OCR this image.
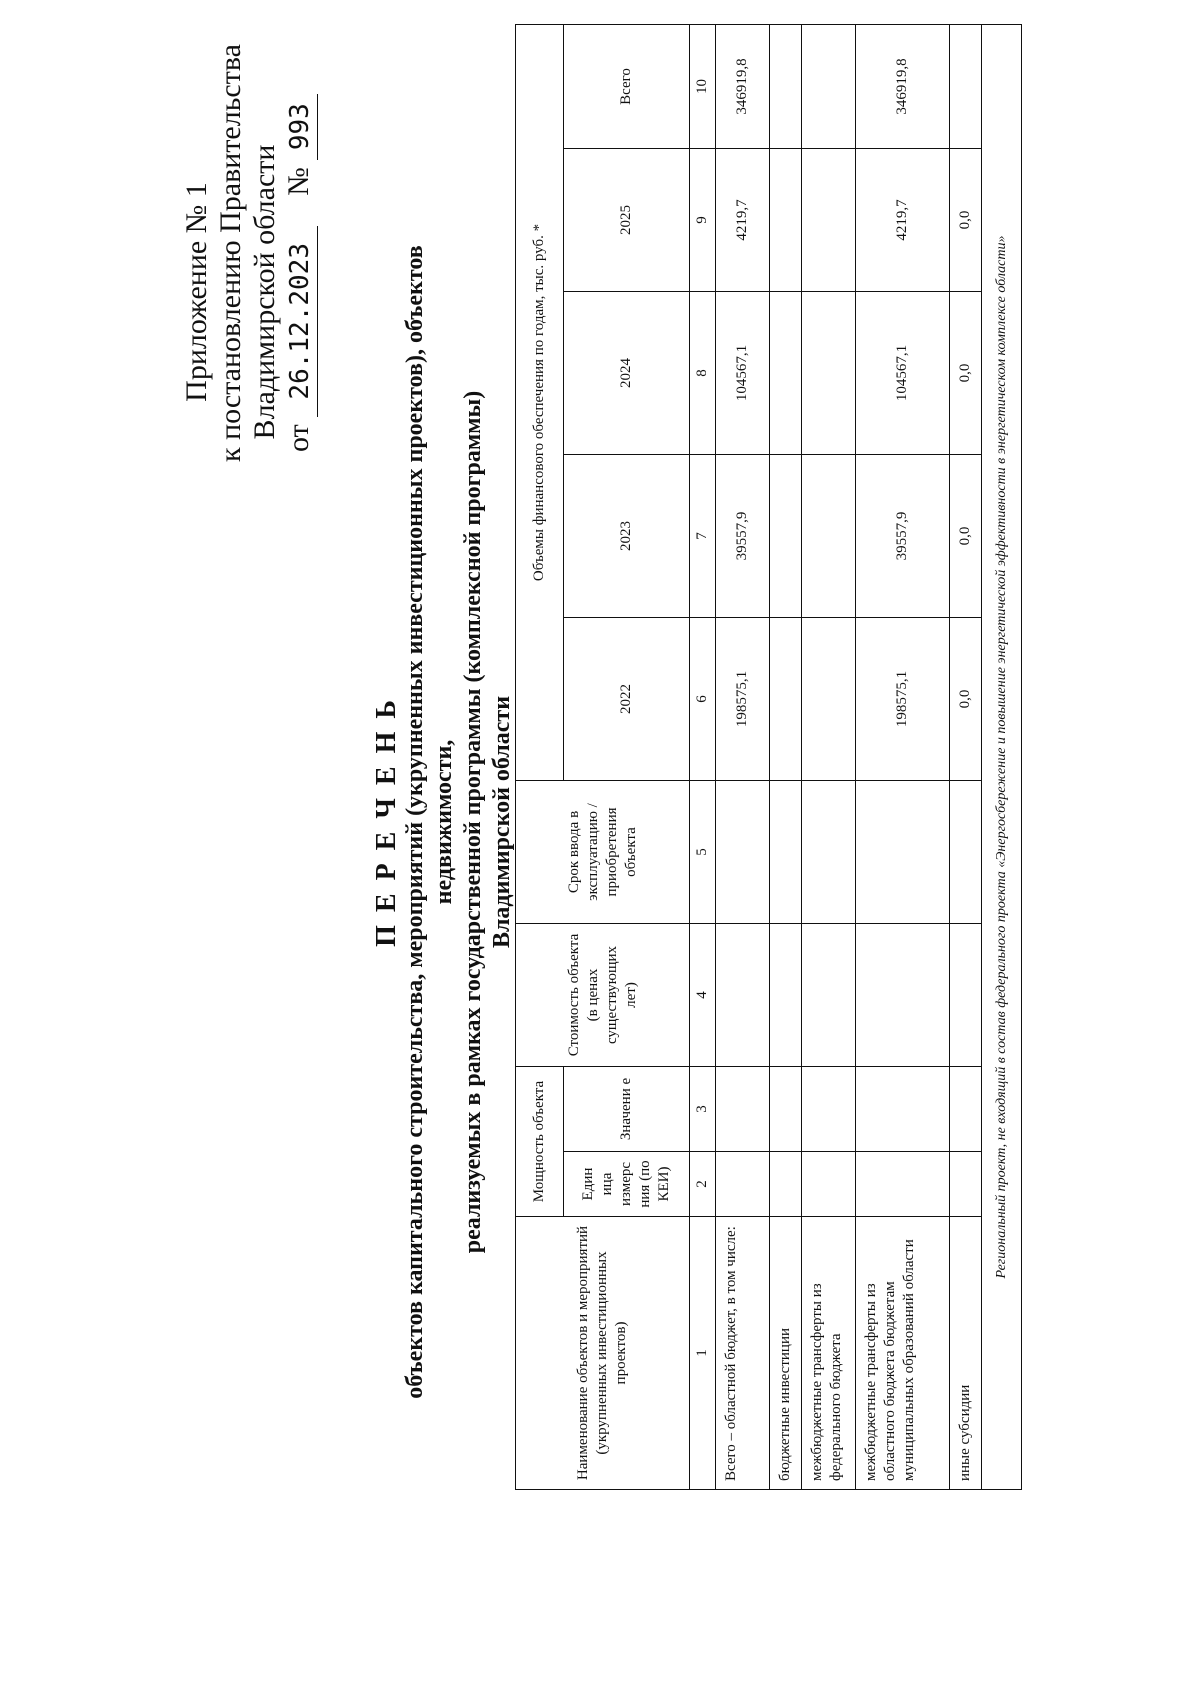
Приложение № 1 к постановлению Правительства Владимирской области от 26.12.2023    № 993
П Е Р Е Ч Е Н Ь объектов капитального строительства, мероприятий (укрупненных инвестиционных проектов), объектов недвижимости, реализуемых в рамках государственной программы (комплексной программы) Владимирской области
Наименование объектов и мероприятий (укрупненных инвестиционных проектов)	Мощность объекта		Стоимость объекта (в ценах существующих лет)	Срок ввода в эксплуатацию / приобретения объекта	Объемы финансового обеспечения по годам, тыс. руб. *				
	Един ица измерс ния (по КЕИ)	Значени е			2022	2023	2024	2025	Всего
1	2	3	4	5	6	7	8	9	10
Всего – областной бюджет, в том числе:					198575,1	39557,9	104567,1	4219,7	346919,8
бюджетные инвестиции									
межбюджетные трансферты из федерального бюджета									
межбюджетные трансферты из областного бюджета бюджетам муниципальных образований области					198575,1	39557,9	104567,1	4219,7	346919,8
иные субсидии					0,0	0,0	0,0	0,0	
Региональный проект, не входящий в состав федерального проекта «Энергосбережение и повышение энергетической эффективности в энергетическом комплексе области»									
